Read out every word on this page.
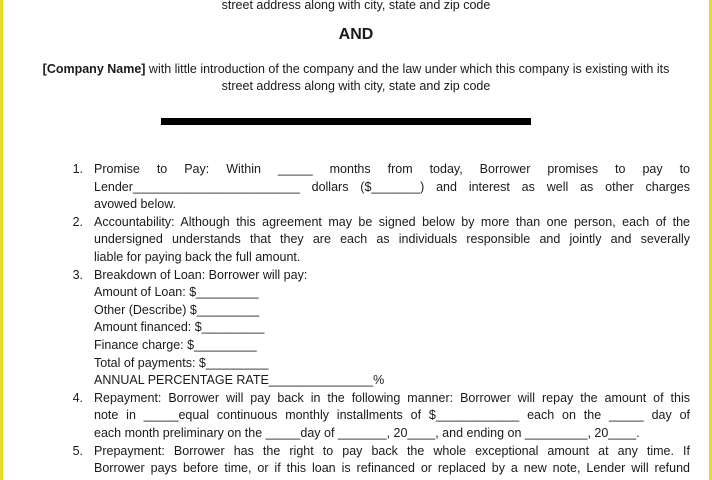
street address along with city, state and zip code
AND
[Company Name] with little introduction of the company and the law under which this company is existing with its
street address along with city, state and zip code
1. Promise to Pay: Within _____ months from today, Borrower promises to pay to
Lender________________________ dollars ($_______) and interest as well as other charges
avowed below.
2. Accountability: Although this agreement may be signed below by more than one person, each of the
undersigned understands that they are each as individuals responsible and jointly and severally
liable for paying back the full amount.
3. Breakdown of Loan: Borrower will pay:
Amount of Loan: $_________
Other (Describe) $_________
Amount financed: $_________
Finance charge: $_________
Total of payments: $_________
ANNUAL PERCENTAGE RATE_______________%
4. Repayment: Borrower will pay back in the following manner: Borrower will repay the amount of this
note in _____equal continuous monthly installments of $____________ each on the _____ day of
each month preliminary on the _____day of _______, 20____, and ending on _________, 20____.
5. Prepayment: Borrower has the right to pay back the whole exceptional amount at any time. If
Borrower pays before time, or if this loan is refinanced or replaced by a new note, Lender will refund
